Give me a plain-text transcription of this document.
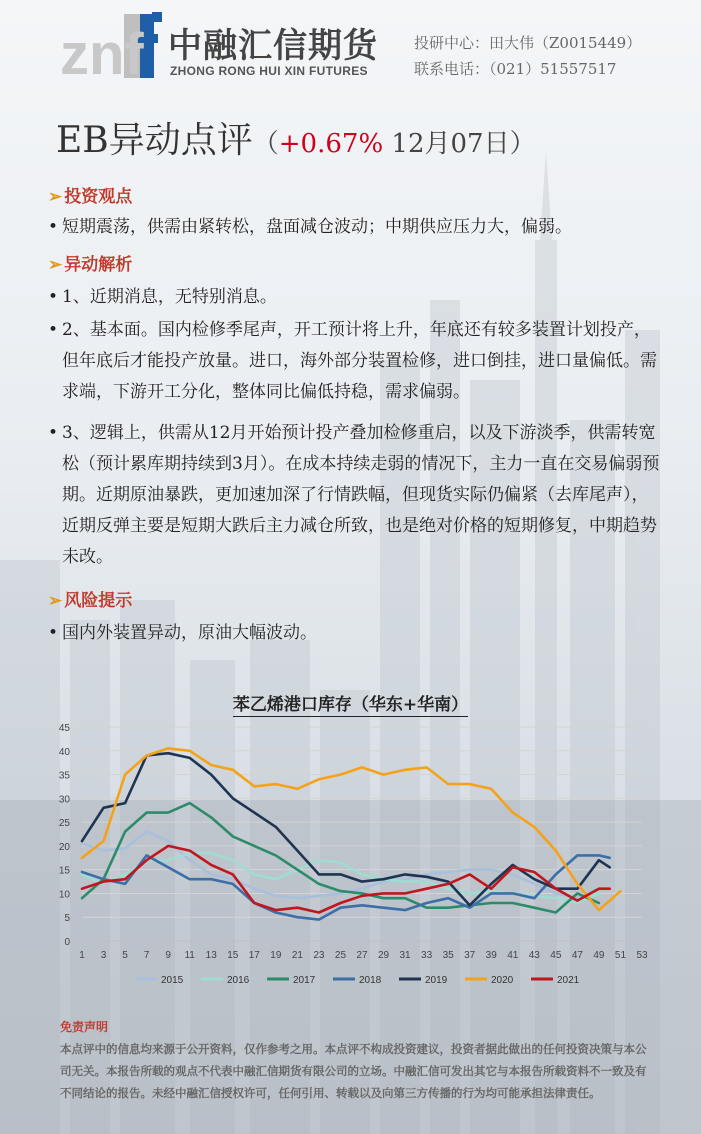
znf 中融汇信期货
ZHONG RONG HUI XIN FUTURES
投研中心：田大伟（Z0015449）
联系电话：（021）51557517
EB异动点评（+0.67% 12月07日）
➢ 投资观点
• 短期震荡，供需由紧转松，盘面减仓波动；中期供应压力大，偏弱。
➢ 异动解析
• 1、近期消息，无特别消息。
• 2、基本面。国内检修季尾声，开工预计将上升，年底还有较多装置计划投产，但年底后才能投产放量。进口，海外部分装置检修，进口倒挂，进口量偏低。需求端，下游开工分化，整体同比偏低持稳，需求偏弱。
• 3、逻辑上，供需从12月开始预计投产叠加检修重启，以及下游淡季，供需转宽松（预计累库期持续到3月）。在成本持续走弱的情况下，主力一直在交易偏弱预期。近期原油暴跌，更加速加深了行情跌幅，但现货实际仍偏紧（去库尾声），近期反弹主要是短期大跌后主力减仓所致，也是绝对价格的短期修复，中期趋势未改。
➢ 风险提示
• 国内外装置异动，原油大幅波动。
苯乙烯港口库存（华东+华南）
0
5
10
15
20
25
30
35
40
45
1 3 5 7 9 11 13 15 17 19 21 23 25 27 29 31 33 35 37 39 41 43 45 47 49 51 53
2015	2016	2017	2018	2019	2020	2021
免责声明
本点评中的信息均来源于公开资料，仅作参考之用。本点评不构成投资建议，投资者据此做出的任何投资决策与本公司无关。本报告所载的观点不代表中融汇信期货有限公司的立场。中融汇信可发出其它与本报告所载资料不一致及有不同结论的报告。未经中融汇信授权许可，任何引用、转载以及向第三方传播的行为均可能承担法律责任。
